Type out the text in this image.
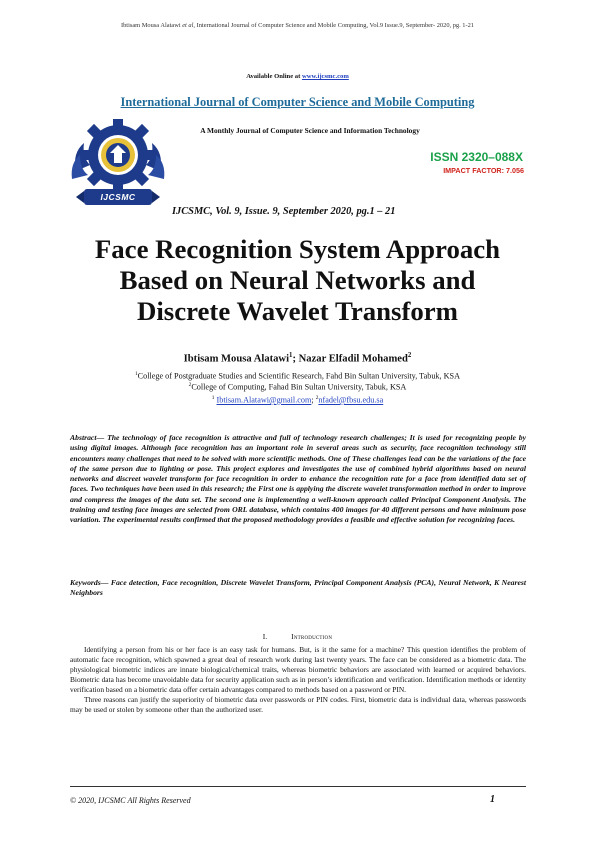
Ibtisam Mousa Alatawi et al, International Journal of Computer Science and Mobile Computing, Vol.9 Issue.9, September- 2020, pg. 1-21
Available Online at www.ijcsmc.com
International Journal of Computer Science and Mobile Computing
A Monthly Journal of Computer Science and Information Technology
IJCSMC
ISSN 2320–088X
IMPACT FACTOR: 7.056
IJCSMC, Vol. 9, Issue. 9, September 2020, pg.1 – 21
Face Recognition System Approach
Based on Neural Networks and
Discrete Wavelet Transform
Ibtisam Mousa Alatawi$^1$; Nazar Elfadil Mohamed$^2$
$^1$College of Postgraduate Studies and Scientific Research, Fahd Bin Sultan University, Tabuk, KSA
$^2$College of Computing, Fahad Bin Sultan University, Tabuk, KSA
$^1$ Ibtisam.Alatawi@gmail.com; $^2$nfadel@fbsu.edu.sa
Abstract— The technology of face recognition is attractive and full of technology research challenges; It is used for recognizing people by using digital images. Although face recognition has an important role in several areas such as security, face recognition technology still encounters many challenges that need to be solved with more scientific methods. One of These challenges lead can be the variations of the face of the same person due to lighting or pose. This project explores and investigates the use of combined hybrid algorithms based on neural networks and discreet wavelet transform for face recognition in order to enhance the recognition rate for a face from identified data set of faces. Two techniques have been used in this research; the First one is applying the discrete wavelet transformation method in order to improve and compress the images of the data set. The second one is implementing a well-known approach called Principal Component Analysis. The training and testing face images are selected from ORL database, which contains 400 images for 40 different persons and have minimum pose variation. The experimental results confirmed that the proposed methodology provides a feasible and effective solution for recognizing faces.
Keywords— Face detection, Face recognition, Discrete Wavelet Transform, Principal Component Analysis (PCA), Neural Network, K Nearest Neighbors
I.	Introduction

Identifying a person from his or her face is an easy task for humans. But, is it the same for a machine? This question identifies the problem of automatic face recognition, which spawned a great deal of research work during last twenty years. The face can be considered as a biometric data. The physiological biometric indices are innate biological/chemical traits, whereas biometric behaviors are associated with learned or acquired behaviors. Biometric data has become unavoidable data for security application such as in person’s identification and verification. Identification methods or identity verification based on a biometric data offer certain advantages compared to methods based on a password or PIN.

Three reasons can justify the superiority of biometric data over passwords or PIN codes. First, biometric data is individual data, whereas passwords may be used or stolen by someone other than the authorized user.

© 2020, IJCSMC All Rights Reserved	1
